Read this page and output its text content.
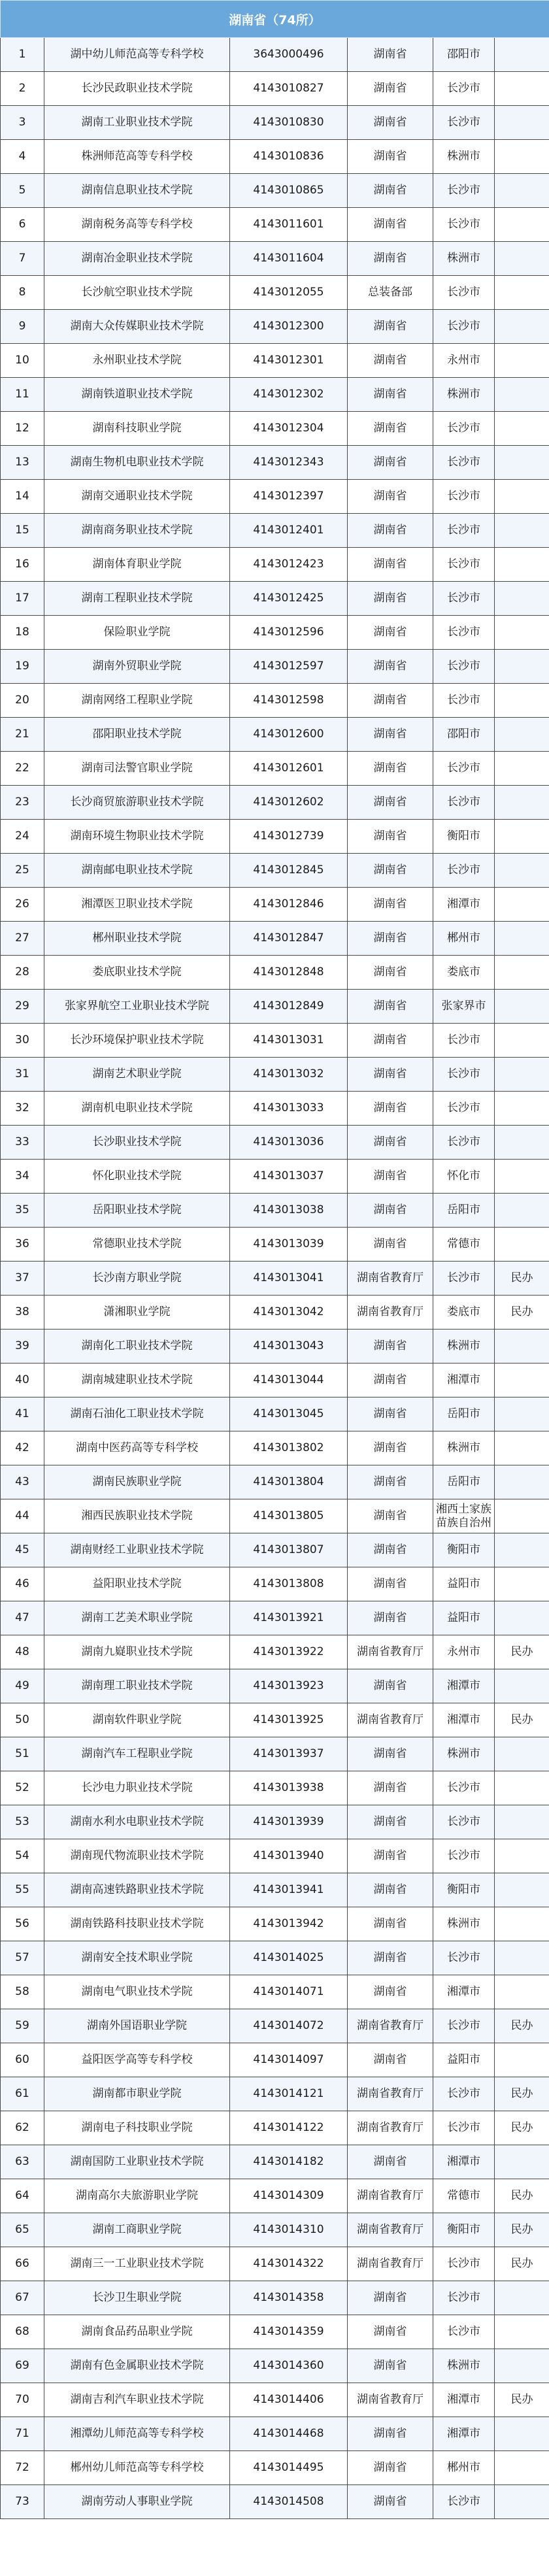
湖南省（74所）					
1	湖中幼儿师范高等专科学校	3643000496	湖南省	邵阳市	
2	长沙民政职业技术学院	4143010827	湖南省	长沙市	
3	湖南工业职业技术学院	4143010830	湖南省	长沙市	
4	株洲师范高等专科学校	4143010836	湖南省	株洲市	
5	湖南信息职业技术学院	4143010865	湖南省	长沙市	
6	湖南税务高等专科学校	4143011601	湖南省	长沙市	
7	湖南冶金职业技术学院	4143011604	湖南省	株洲市	
8	长沙航空职业技术学院	4143012055	总装备部	长沙市	
9	湖南大众传媒职业技术学院	4143012300	湖南省	长沙市	
10	永州职业技术学院	4143012301	湖南省	永州市	
11	湖南铁道职业技术学院	4143012302	湖南省	株洲市	
12	湖南科技职业学院	4143012304	湖南省	长沙市	
13	湖南生物机电职业技术学院	4143012343	湖南省	长沙市	
14	湖南交通职业技术学院	4143012397	湖南省	长沙市	
15	湖南商务职业技术学院	4143012401	湖南省	长沙市	
16	湖南体育职业学院	4143012423	湖南省	长沙市	
17	湖南工程职业技术学院	4143012425	湖南省	长沙市	
18	保险职业学院	4143012596	湖南省	长沙市	
19	湖南外贸职业学院	4143012597	湖南省	长沙市	
20	湖南网络工程职业学院	4143012598	湖南省	长沙市	
21	邵阳职业技术学院	4143012600	湖南省	邵阳市	
22	湖南司法警官职业学院	4143012601	湖南省	长沙市	
23	长沙商贸旅游职业技术学院	4143012602	湖南省	长沙市	
24	湖南环境生物职业技术学院	4143012739	湖南省	衡阳市	
25	湖南邮电职业技术学院	4143012845	湖南省	长沙市	
26	湘潭医卫职业技术学院	4143012846	湖南省	湘潭市	
27	郴州职业技术学院	4143012847	湖南省	郴州市	
28	娄底职业技术学院	4143012848	湖南省	娄底市	
29	张家界航空工业职业技术学院	4143012849	湖南省	张家界市	
30	长沙环境保护职业技术学院	4143013031	湖南省	长沙市	
31	湖南艺术职业学院	4143013032	湖南省	长沙市	
32	湖南机电职业技术学院	4143013033	湖南省	长沙市	
33	长沙职业技术学院	4143013036	湖南省	长沙市	
34	怀化职业技术学院	4143013037	湖南省	怀化市	
35	岳阳职业技术学院	4143013038	湖南省	岳阳市	
36	常德职业技术学院	4143013039	湖南省	常德市	
37	长沙南方职业学院	4143013041	湖南省教育厅	长沙市	民办
38	潇湘职业学院	4143013042	湖南省教育厅	娄底市	民办
39	湖南化工职业技术学院	4143013043	湖南省	株洲市	
40	湖南城建职业技术学院	4143013044	湖南省	湘潭市	
41	湖南石油化工职业技术学院	4143013045	湖南省	岳阳市	
42	湖南中医药高等专科学校	4143013802	湖南省	株洲市	
43	湖南民族职业学院	4143013804	湖南省	岳阳市	
44	湘西民族职业技术学院	4143013805	湖南省	湘西土家族苗族自治州	
45	湖南财经工业职业技术学院	4143013807	湖南省	衡阳市	
46	益阳职业技术学院	4143013808	湖南省	益阳市	
47	湖南工艺美术职业学院	4143013921	湖南省	益阳市	
48	湖南九嶷职业技术学院	4143013922	湖南省教育厅	永州市	民办
49	湖南理工职业技术学院	4143013923	湖南省	湘潭市	
50	湖南软件职业学院	4143013925	湖南省教育厅	湘潭市	民办
51	湖南汽车工程职业学院	4143013937	湖南省	株洲市	
52	长沙电力职业技术学院	4143013938	湖南省	长沙市	
53	湖南水利水电职业技术学院	4143013939	湖南省	长沙市	
54	湖南现代物流职业技术学院	4143013940	湖南省	长沙市	
55	湖南高速铁路职业技术学院	4143013941	湖南省	衡阳市	
56	湖南铁路科技职业技术学院	4143013942	湖南省	株洲市	
57	湖南安全技术职业学院	4143014025	湖南省	长沙市	
58	湖南电气职业技术学院	4143014071	湖南省	湘潭市	
59	湖南外国语职业学院	4143014072	湖南省教育厅	长沙市	民办
60	益阳医学高等专科学校	4143014097	湖南省	益阳市	
61	湖南都市职业学院	4143014121	湖南省教育厅	长沙市	民办
62	湖南电子科技职业学院	4143014122	湖南省教育厅	长沙市	民办
63	湖南国防工业职业技术学院	4143014182	湖南省	湘潭市	
64	湖南高尔夫旅游职业学院	4143014309	湖南省教育厅	常德市	民办
65	湖南工商职业学院	4143014310	湖南省教育厅	衡阳市	民办
66	湖南三一工业职业技术学院	4143014322	湖南省教育厅	长沙市	民办
67	长沙卫生职业学院	4143014358	湖南省	长沙市	
68	湖南食品药品职业学院	4143014359	湖南省	长沙市	
69	湖南有色金属职业技术学院	4143014360	湖南省	株洲市	
70	湖南吉利汽车职业技术学院	4143014406	湖南省教育厅	湘潭市	民办
71	湘潭幼儿师范高等专科学校	4143014468	湖南省	湘潭市	
72	郴州幼儿师范高等专科学校	4143014495	湖南省	郴州市	
73	湖南劳动人事职业学院	4143014508	湖南省	长沙市	
